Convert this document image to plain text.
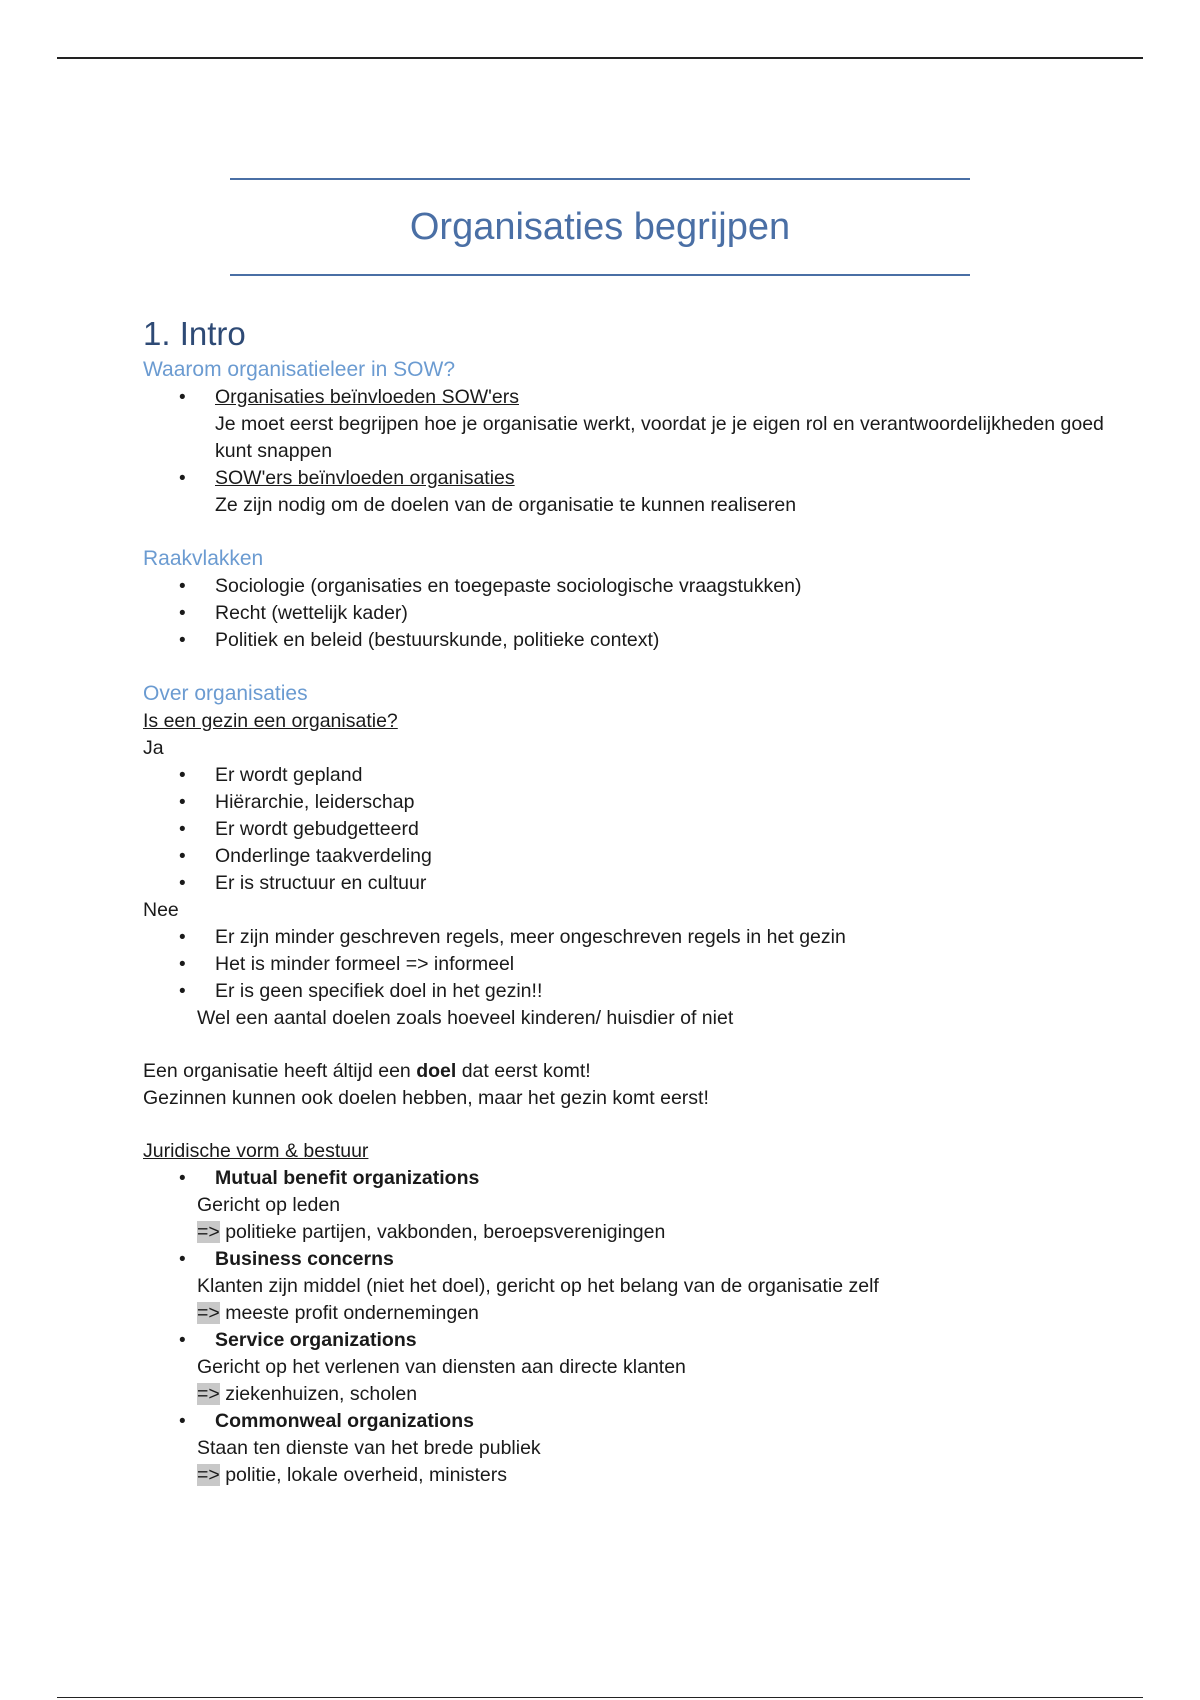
Organisaties begrijpen
1. Intro
Waarom organisatieleer in SOW?
• Organisaties beïnvloeden SOW'ers
Je moet eerst begrijpen hoe je organisatie werkt, voordat je je eigen rol en verantwoordelijkheden goed kunt snappen
• SOW'ers beïnvloeden organisaties
Ze zijn nodig om de doelen van de organisatie te kunnen realiseren
Raakvlakken
• Sociologie (organisaties en toegepaste sociologische vraagstukken)
• Recht (wettelijk kader)
• Politiek en beleid (bestuurskunde, politieke context)
Over organisaties

Is een gezin een organisatie?

Ja

• Er wordt gepland
• Hiërarchie, leiderschap
• Er wordt gebudgetteerd
• Onderlinge taakverdeling
• Er is structuur en cultuur

Nee

• Er zijn minder geschreven regels, meer ongeschreven regels in het gezin
• Het is minder formeel => informeel
• Er is geen specifiek doel in het gezin!!

Wel een aantal doelen zoals hoeveel kinderen/ huisdier of niet

Een organisatie heeft áltijd een doel dat eerst komt!

Gezinnen kunnen ook doelen hebben, maar het gezin komt eerst!

Juridische vorm & bestuur

• Mutual benefit organizations

Gericht op leden

=> politieke partijen, vakbonden, beroepsverenigingen

• Business concerns

Klanten zijn middel (niet het doel), gericht op het belang van de organisatie zelf

=> meeste profit ondernemingen

• Service organizations

Gericht op het verlenen van diensten aan directe klanten

=> ziekenhuizen, scholen

• Commonweal organizations

Staan ten dienste van het brede publiek

=> politie, lokale overheid, ministers
